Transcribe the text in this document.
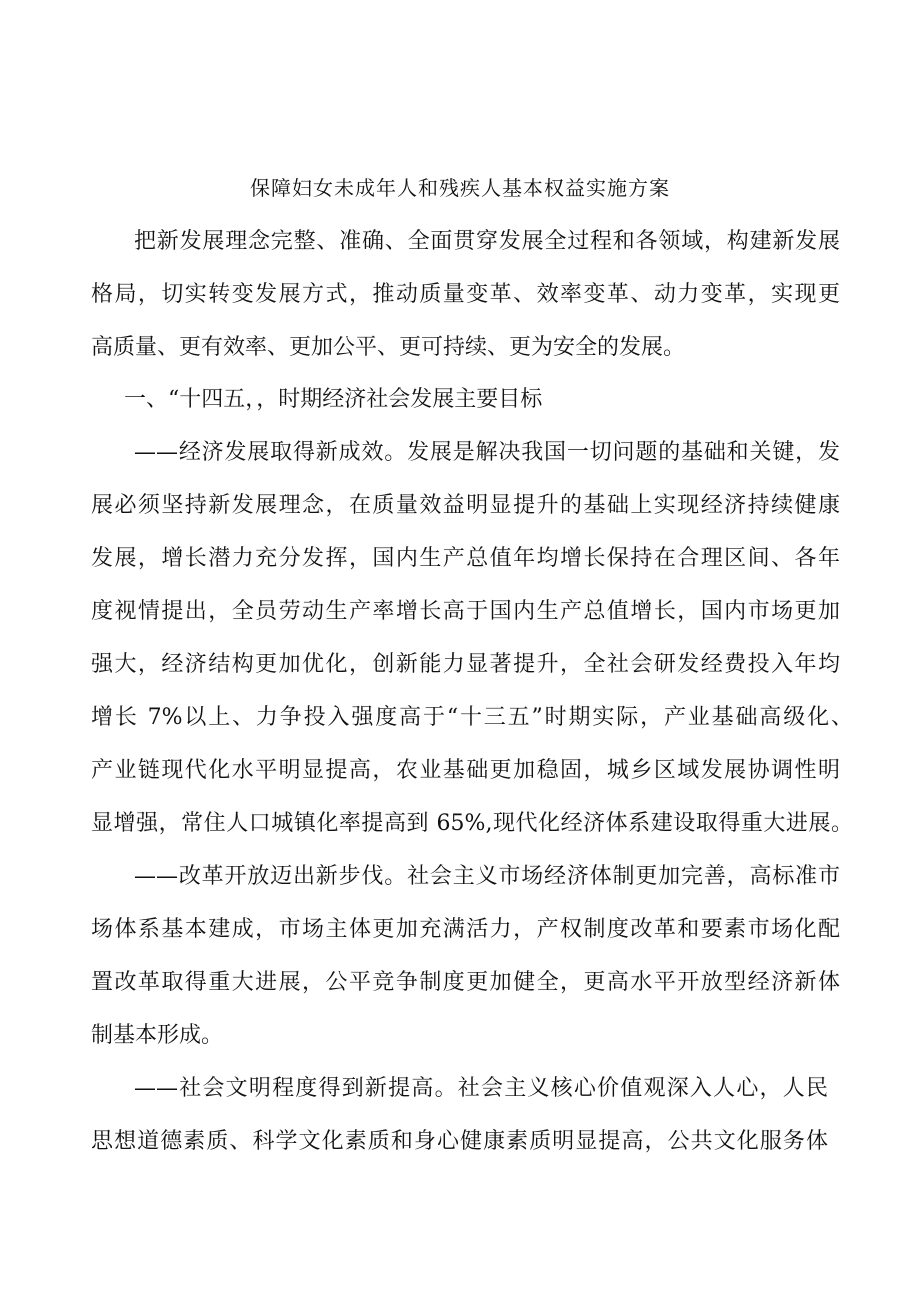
保障妇女未成年人和残疾人基本权益实施方案
把新发展理念完整、准确、全面贯穿发展全过程和各领域，构建新发展
格局，切实转变发展方式，推动质量变革、效率变革、动力变革，实现更
高质量、更有效率、更加公平、更可持续、更为安全的发展。
一、“十四五，，时期经济社会发展主要目标
——经济发展取得新成效。发展是解决我国一切问题的基础和关键，发
展必须坚持新发展理念，在质量效益明显提升的基础上实现经济持续健康
发展，增长潜力充分发挥，国内生产总值年均增长保持在合理区间、各年
度视情提出，全员劳动生产率增长高于国内生产总值增长，国内市场更加
强大，经济结构更加优化，创新能力显著提升，全社会研发经费投入年均
增长 7%以上、力争投入强度高于“十三五”时期实际，产业基础高级化、
产业链现代化水平明显提高，农业基础更加稳固，城乡区域发展协调性明
显增强，常住人口城镇化率提高到 65%,现代化经济体系建设取得重大进展。
——改革开放迈出新步伐。社会主义市场经济体制更加完善，高标准市
场体系基本建成，市场主体更加充满活力，产权制度改革和要素市场化配
置改革取得重大进展，公平竞争制度更加健全，更高水平开放型经济新体
制基本形成。
——社会文明程度得到新提高。社会主义核心价值观深入人心，人民
思想道德素质、科学文化素质和身心健康素质明显提高，公共文化服务体
